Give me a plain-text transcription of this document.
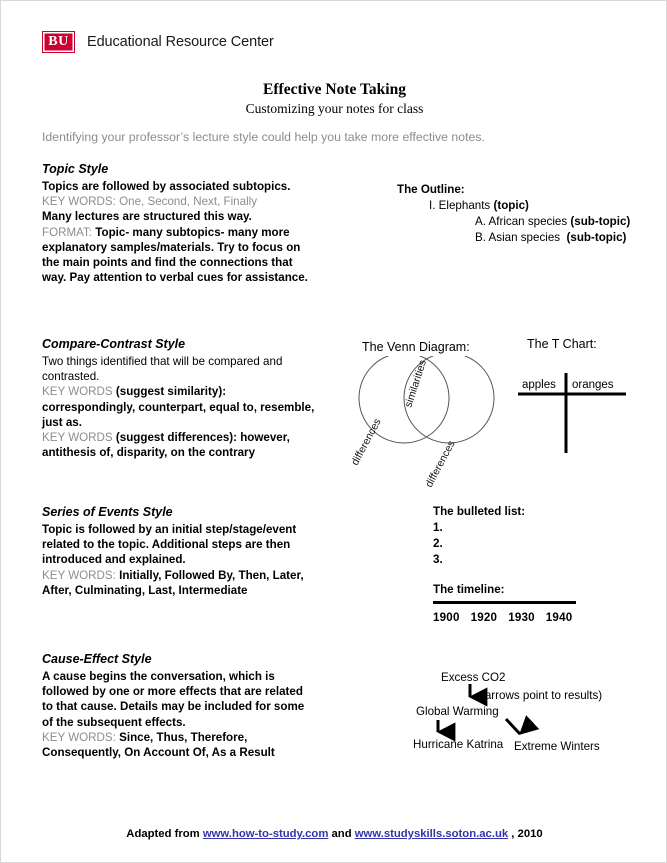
BU	Educational Resource Center
Effective Note Taking
Customizing your notes for class
Identifying your professor’s lecture style could help you take more effective notes.
Topic Style
Topics are followed by associated subtopics.
KEY WORDS: One, Second, Next, Finally
Many lectures are structured this way.
FORMAT: Topic- many subtopics- many more explanatory samples/materials. Try to focus on the main points and find the connections that way. Pay attention to verbal cues for assistance.
The Outline:
I. Elephants (topic)
A. African species (sub-topic)
B. Asian species (sub-topic)
Compare-Contrast Style
Two things identified that will be compared and contrasted.
KEY WORDS (suggest similarity): correspondingly, counterpart, equal to, resemble, just as.
KEY WORDS (suggest differences): however, antithesis of, disparity, on the contrary
The Venn Diagram:
similarities
differences	differences
The T Chart:
apples oranges
Series of Events Style
Topic is followed by an initial step/stage/event related to the topic. Additional steps are then introduced and explained.
KEY WORDS: Initially, Followed By, Then, Later, After, Culminating, Last, Intermediate
The bulleted list:
1.
2.
3.
The timeline:
1900 1920 1930 1940
Cause-Effect Style
A cause begins the conversation, which is followed by one or more effects that are related to that cause. Details may be included for some of the subsequent effects.
KEY WORDS: Since, Thus, Therefore, Consequently, On Account Of, As a Result
Excess CO2
(arrows point to results)
Global Warming
Hurricane Katrina Extreme Winters
Adapted from www.how-to-study.com and www.studyskills.soton.ac.uk , 2010
